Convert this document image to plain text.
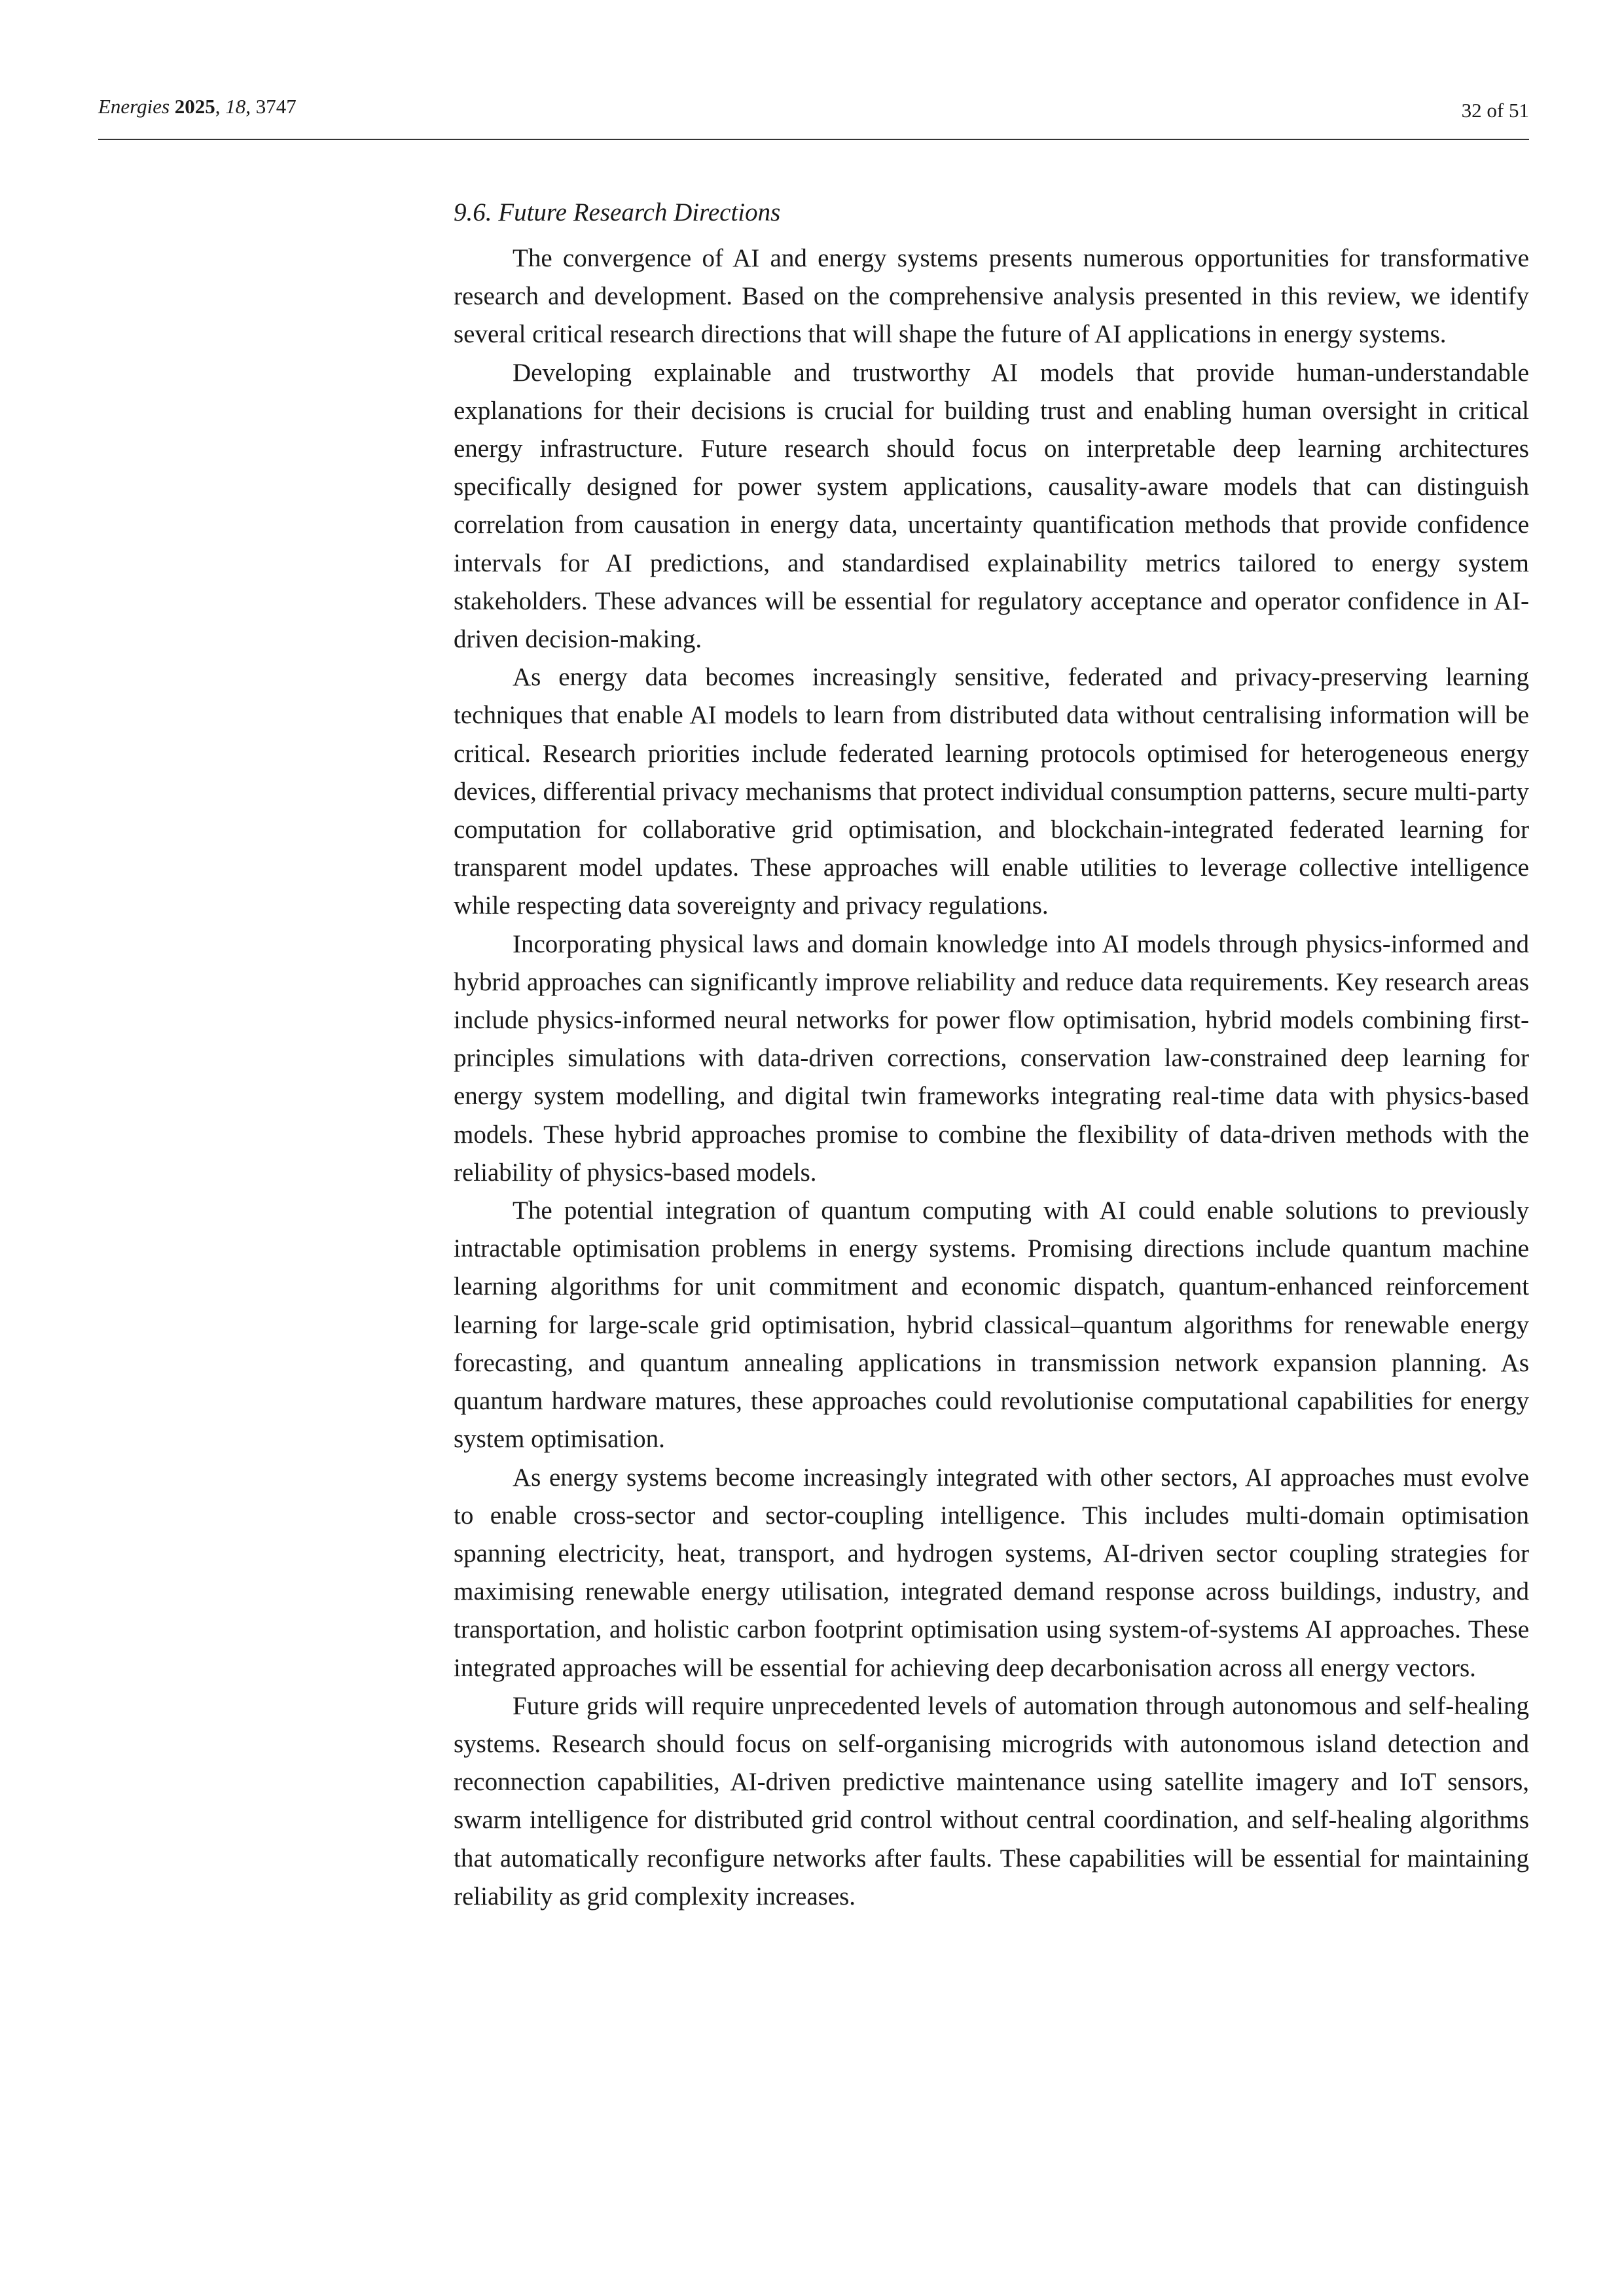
Energies 2025, 18, 3747	32 of 51
9.6. Future Research Directions

The convergence of AI and energy systems presents numerous opportunities for transformative research and development. Based on the comprehensive analysis presented in this review, we identify several critical research directions that will shape the future of AI applications in energy systems.

Developing explainable and trustworthy AI models that provide human-understandable explanations for their decisions is crucial for building trust and enabling human oversight in critical energy infrastructure. Future research should focus on interpretable deep learning architectures specifically designed for power system applications, causality-aware models that can distinguish correlation from causation in energy data, uncertainty quantification methods that provide confidence intervals for AI predictions, and standardised explainability metrics tailored to energy system stakeholders. These advances will be essential for regulatory acceptance and operator confidence in AI-driven decision-making.

As energy data becomes increasingly sensitive, federated and privacy-preserving learning techniques that enable AI models to learn from distributed data without centralising information will be critical. Research priorities include federated learning protocols optimised for heterogeneous energy devices, differential privacy mechanisms that protect individual consumption patterns, secure multi-party computation for collaborative grid optimisation, and blockchain-integrated federated learning for transparent model updates. These approaches will enable utilities to leverage collective intelligence while respecting data sovereignty and privacy regulations.

Incorporating physical laws and domain knowledge into AI models through physics-informed and hybrid approaches can significantly improve reliability and reduce data requirements. Key research areas include physics-informed neural networks for power flow optimisation, hybrid models combining first-principles simulations with data-driven corrections, conservation law-constrained deep learning for energy system modelling, and digital twin frameworks integrating real-time data with physics-based models. These hybrid approaches promise to combine the flexibility of data-driven methods with the reliability of physics-based models.

The potential integration of quantum computing with AI could enable solutions to previously intractable optimisation problems in energy systems. Promising directions include quantum machine learning algorithms for unit commitment and economic dispatch, quantum-enhanced reinforcement learning for large-scale grid optimisation, hybrid classical–quantum algorithms for renewable energy forecasting, and quantum annealing applications in transmission network expansion planning. As quantum hardware matures, these approaches could revolutionise computational capabilities for energy system optimisation.

As energy systems become increasingly integrated with other sectors, AI approaches must evolve to enable cross-sector and sector-coupling intelligence. This includes multi-domain optimisation spanning electricity, heat, transport, and hydrogen systems, AI-driven sector coupling strategies for maximising renewable energy utilisation, integrated demand response across buildings, industry, and transportation, and holistic carbon footprint optimisation using system-of-systems AI approaches. These integrated approaches will be essential for achieving deep decarbonisation across all energy vectors.

Future grids will require unprecedented levels of automation through autonomous and self-healing systems. Research should focus on self-organising microgrids with autonomous island detection and reconnection capabilities, AI-driven predictive maintenance using satellite imagery and IoT sensors, swarm intelligence for distributed grid control without central coordination, and self-healing algorithms that automatically reconfigure networks after faults. These capabilities will be essential for maintaining reliability as grid complexity increases.
